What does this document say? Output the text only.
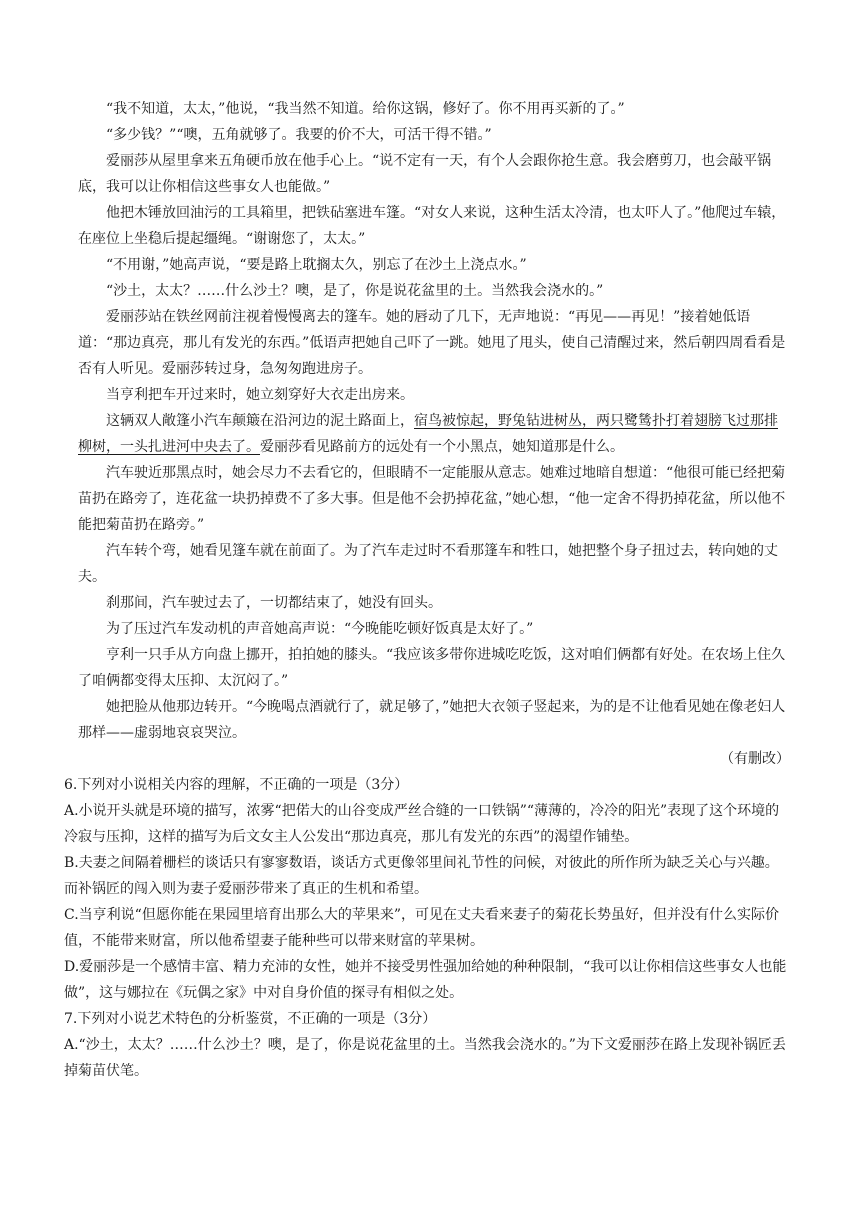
“我不知道，太太，”他说，“我当然不知道。给你这锅，修好了。你不用再买新的了。”

“多少钱？”“噢，五角就够了。我要的价不大，可活干得不错。”

爱丽莎从屋里拿来五角硬币放在他手心上。“说不定有一天，有个人会跟你抢生意。我会磨剪刀，也会敲平锅底，我可以让你相信这些事女人也能做。”

他把木锤放回油污的工具箱里，把铁砧塞进车篷。“对女人来说，这种生活太冷清，也太吓人了。”他爬过车辕，在座位上坐稳后提起缰绳。“谢谢您了，太太。”

“不用谢，”她高声说，“要是路上耽搁太久，别忘了在沙土上浇点水。”

“沙土，太太？……什么沙土？噢，是了，你是说花盆里的土。当然我会浇水的。”

爱丽莎站在铁丝网前注视着慢慢离去的篷车。她的唇动了几下，无声地说：“再见——再见！”接着她低语道：“那边真亮，那儿有发光的东西。”低语声把她自己吓了一跳。她甩了甩头，使自己清醒过来，然后朝四周看看是否有人听见。爱丽莎转过身，急匆匆跑进房子。

当亨利把车开过来时，她立刻穿好大衣走出房来。

这辆双人敞篷小汽车颠簸在沿河边的泥土路面上，宿鸟被惊起，野兔钻进树丛，两只鹭鸶扑打着翅膀飞过那排柳树，一头扎进河中央去了。爱丽莎看见路前方的远处有一个小黑点，她知道那是什么。

汽车驶近那黑点时，她会尽力不去看它的，但眼睛不一定能服从意志。她难过地暗自想道：“他很可能已经把菊苗扔在路旁了，连花盆一块扔掉费不了多大事。但是他不会扔掉花盆，”她心想，“他一定舍不得扔掉花盆，所以他不能把菊苗扔在路旁。”

汽车转个弯，她看见篷车就在前面了。为了汽车走过时不看那篷车和牲口，她把整个身子扭过去，转向她的丈夫。

刹那间，汽车驶过去了，一切都结束了，她没有回头。

为了压过汽车发动机的声音她高声说：“今晚能吃顿好饭真是太好了。”

亨利一只手从方向盘上挪开，拍拍她的膝头。“我应该多带你进城吃吃饭，这对咱们俩都有好处。在农场上住久了咱俩都变得太压抑、太沉闷了。”

她把脸从他那边转开。“今晚喝点酒就行了，就足够了，”她把大衣领子竖起来，为的是不让他看见她在像老妇人那样——虚弱地哀哀哭泣。

（有删改）

6.下列对小说相关内容的理解，不正确的一项是（3分）

A.小说开头就是环境的描写，浓雾“把偌大的山谷变成严丝合缝的一口铁锅”“薄薄的，冷冷的阳光”表现了这个环境的冷寂与压抑，这样的描写为后文女主人公发出“那边真亮，那儿有发光的东西”的渴望作铺垫。

B.夫妻之间隔着栅栏的谈话只有寥寥数语，谈话方式更像邻里间礼节性的问候，对彼此的所作所为缺乏关心与兴趣。而补锅匠的闯入则为妻子爱丽莎带来了真正的生机和希望。

C.当亨利说“但愿你能在果园里培育出那么大的苹果来”，可见在丈夫看来妻子的菊花长势虽好，但并没有什么实际价值，不能带来财富，所以他希望妻子能种些可以带来财富的苹果树。

D.爱丽莎是一个感情丰富、精力充沛的女性，她并不接受男性强加给她的种种限制，“我可以让你相信这些事女人也能做”，这与娜拉在《玩偶之家》中对自身价值的探寻有相似之处。

7.下列对小说艺术特色的分析鉴赏，不正确的一项是（3分）

A.“沙土，太太？……什么沙土？噢，是了，你是说花盆里的土。当然我会浇水的。”为下文爱丽莎在路上发现补锅匠丢掉菊苗伏笔。
